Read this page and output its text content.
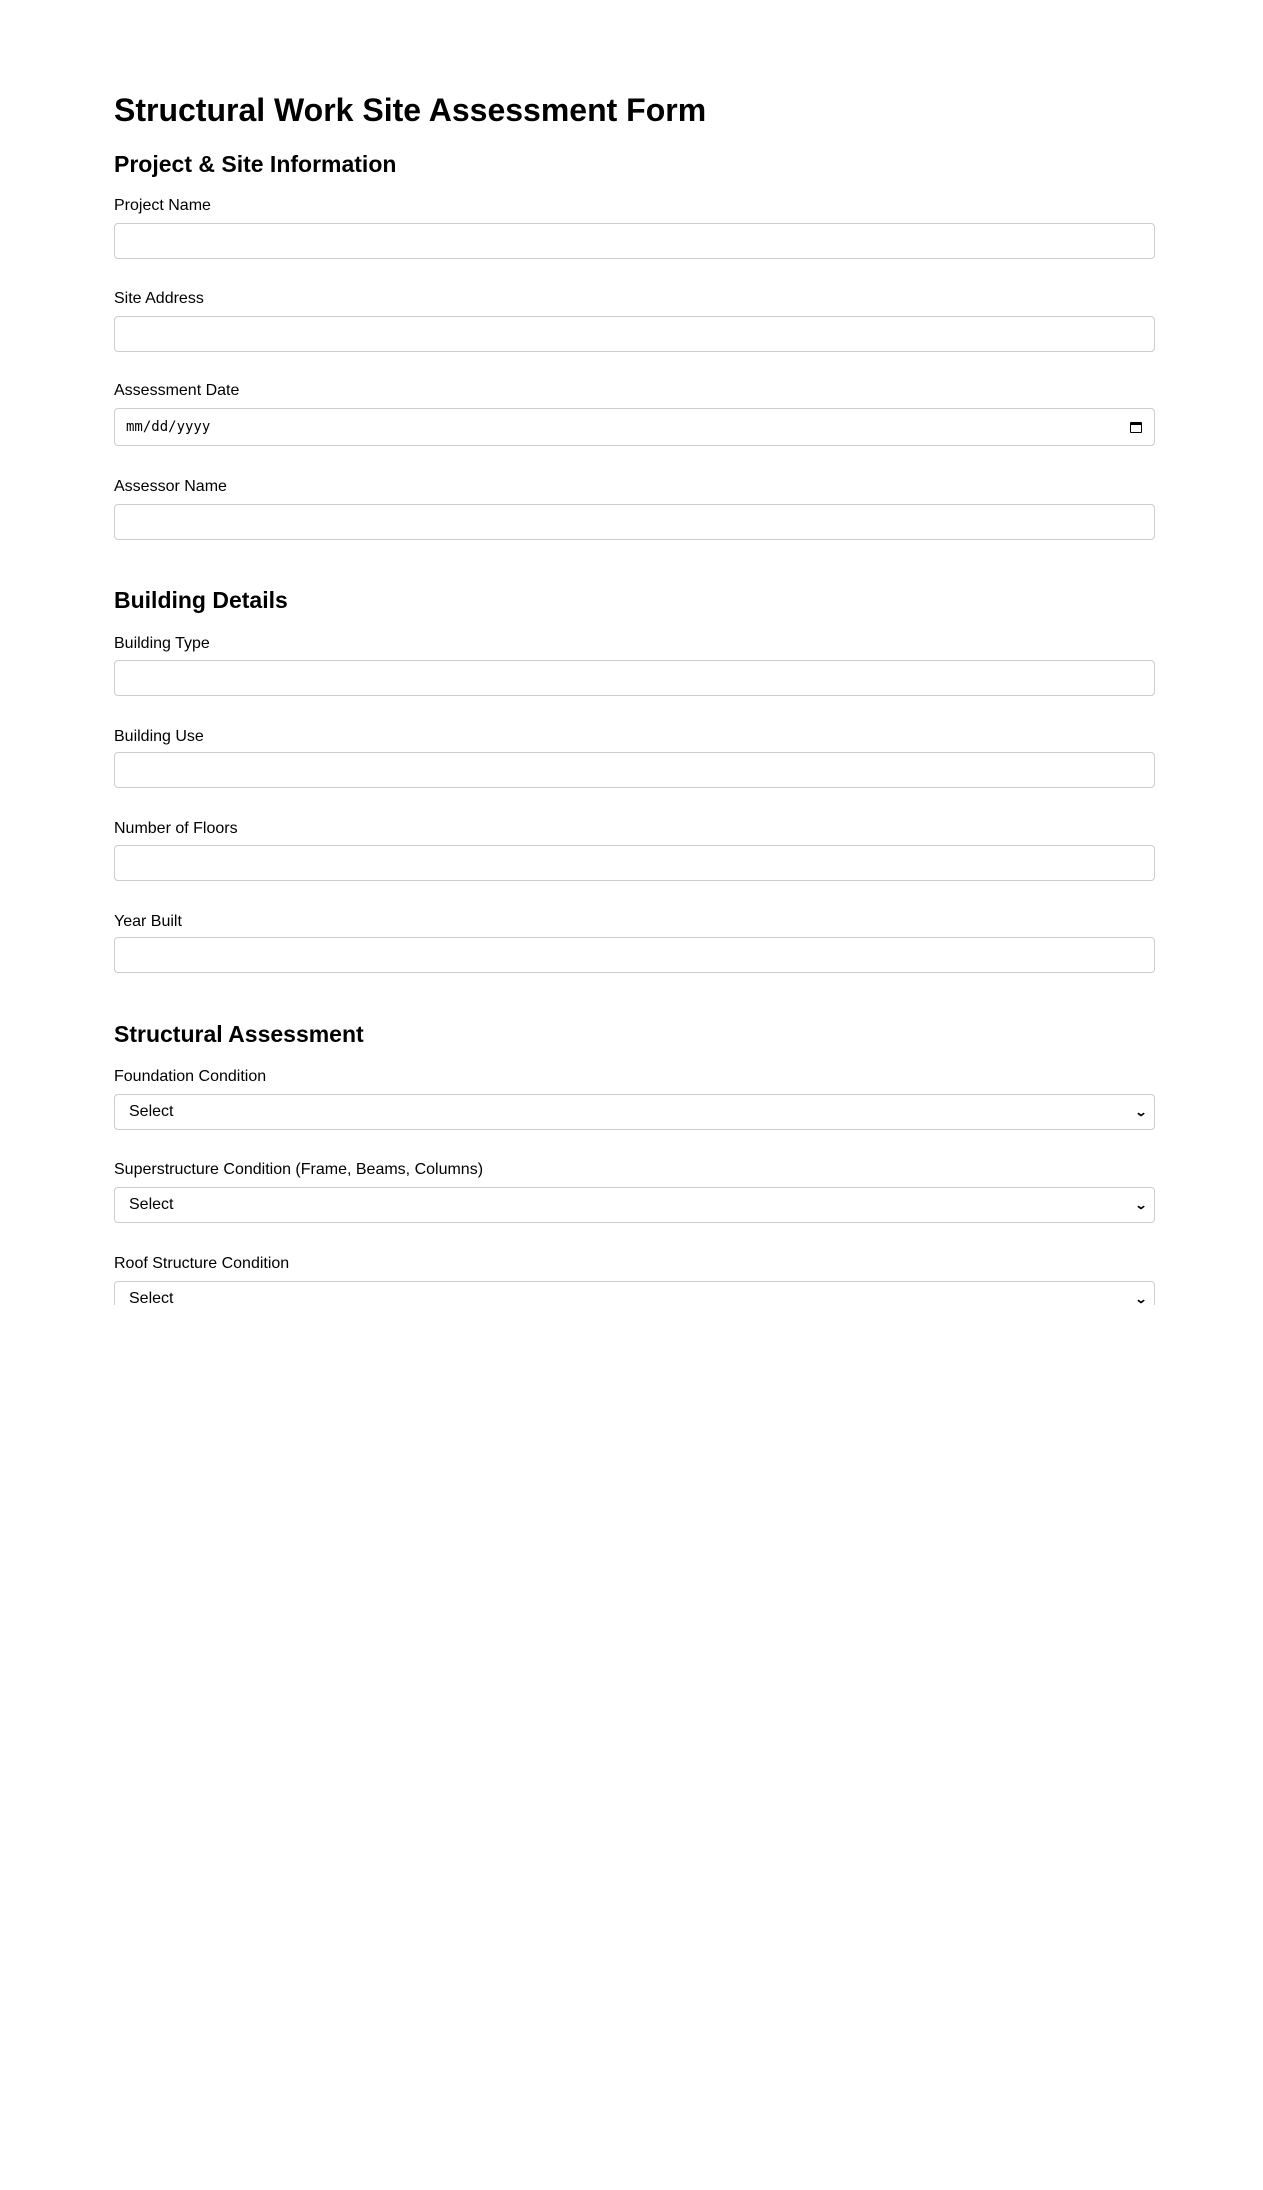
Structural Work Site Assessment Form
Project & Site Information
Project Name
Site Address
Assessment Date
mm/dd/yyyy
Assessor Name
Building Details
Building Type
Building Use
Number of Floors
Year Built
Structural Assessment
Foundation Condition
Select	⌄
Superstructure Condition (Frame, Beams, Columns)
Select	⌄
Roof Structure Condition
Select	⌄
